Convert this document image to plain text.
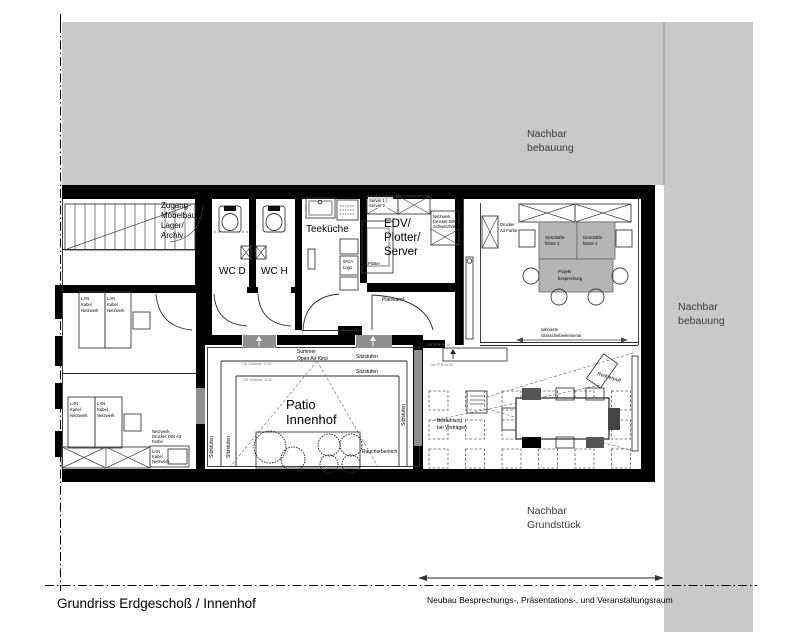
Nachbar
bebauung
Nachbar
bebauung
Nachbar
Grundstück
Zugang
Möbelbau/
Lager/
Archiv
WC D WC H
Teeküche
WGA
Logo
Server 1 /
Server 2
Netzwerk
Drucker DIN
Schwarz/Weiß
Plotter
EDV/
Plotter/
Server
Planwand
LAN
Kabel
Netzwerk
LAN
Kabel
Netzwerk
LAN
Kabel
Netzwerk
LAN
Kabel
Netzwerk
Netzwerk
Drucker DIN A3
Farbe
LAN
Kabel
Netzwerk
Drucker
A3 Farbe
Geschäfts-
führer 2
Geschäfts-
führer 1
Projekt
besprechung
satinierte
Glasschiebeelemente
OK Gelände -0.15
OK Gelände -0.30
Summer
Open Air Kino	Sitzstufen
Sitzstufen
Sitzstufen Sitzstufen
Sitzstufen
Patio
Innenhof
Raucherbereich
OK FFB +0.10
OK FFB ±0.00
Rednerpult
Bestuhlung
bei Vorträgen
Grundriss Erdgeschoß / Innenhof	Neubau Besprechungs-, Präsentations-, und Veranstaltungsraum
